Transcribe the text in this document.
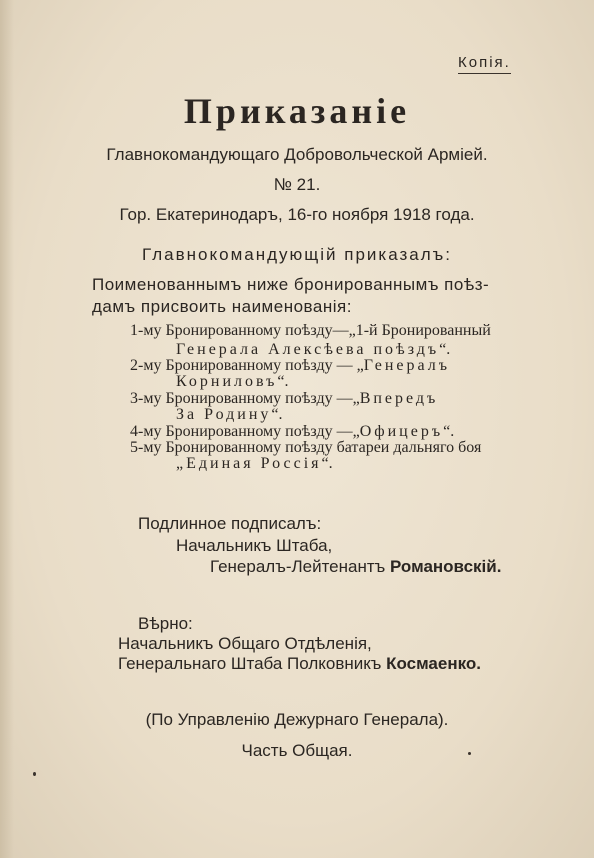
Копія.
Приказаніе
Главнокомандующаго Добровольческой Арміей.
№ 21.
Гор. Екатеринодаръ, 16-го ноября 1918 года.
Главнокомандующій приказалъ:
Поименованнымъ ниже бронированнымъ поѣз-
дамъ присвоить наименованія:
1-му Бронированному поѣзду—„1-й Бронированный
Генерала Алексѣева поѣздъ“.
2-му Бронированному поѣзду — „Генералъ
Корниловъ“.
3-му Бронированному поѣзду —„Впередъ
За Родину“.
4-му Бронированному поѣзду —„Офицеръ“.
5-му Бронированному поѣзду батареи дальняго боя
„Единая Россія“.
Подлинное подписалъ:
Начальникъ Штаба,
Генералъ-Лейтенантъ Романовскій.
Вѣрно:
Начальникъ Общаго Отдѣленія,
Генеральнаго Штаба Полковникъ Космаенко.
(По Управленію Дежурнаго Генерала).
Часть Общая.
